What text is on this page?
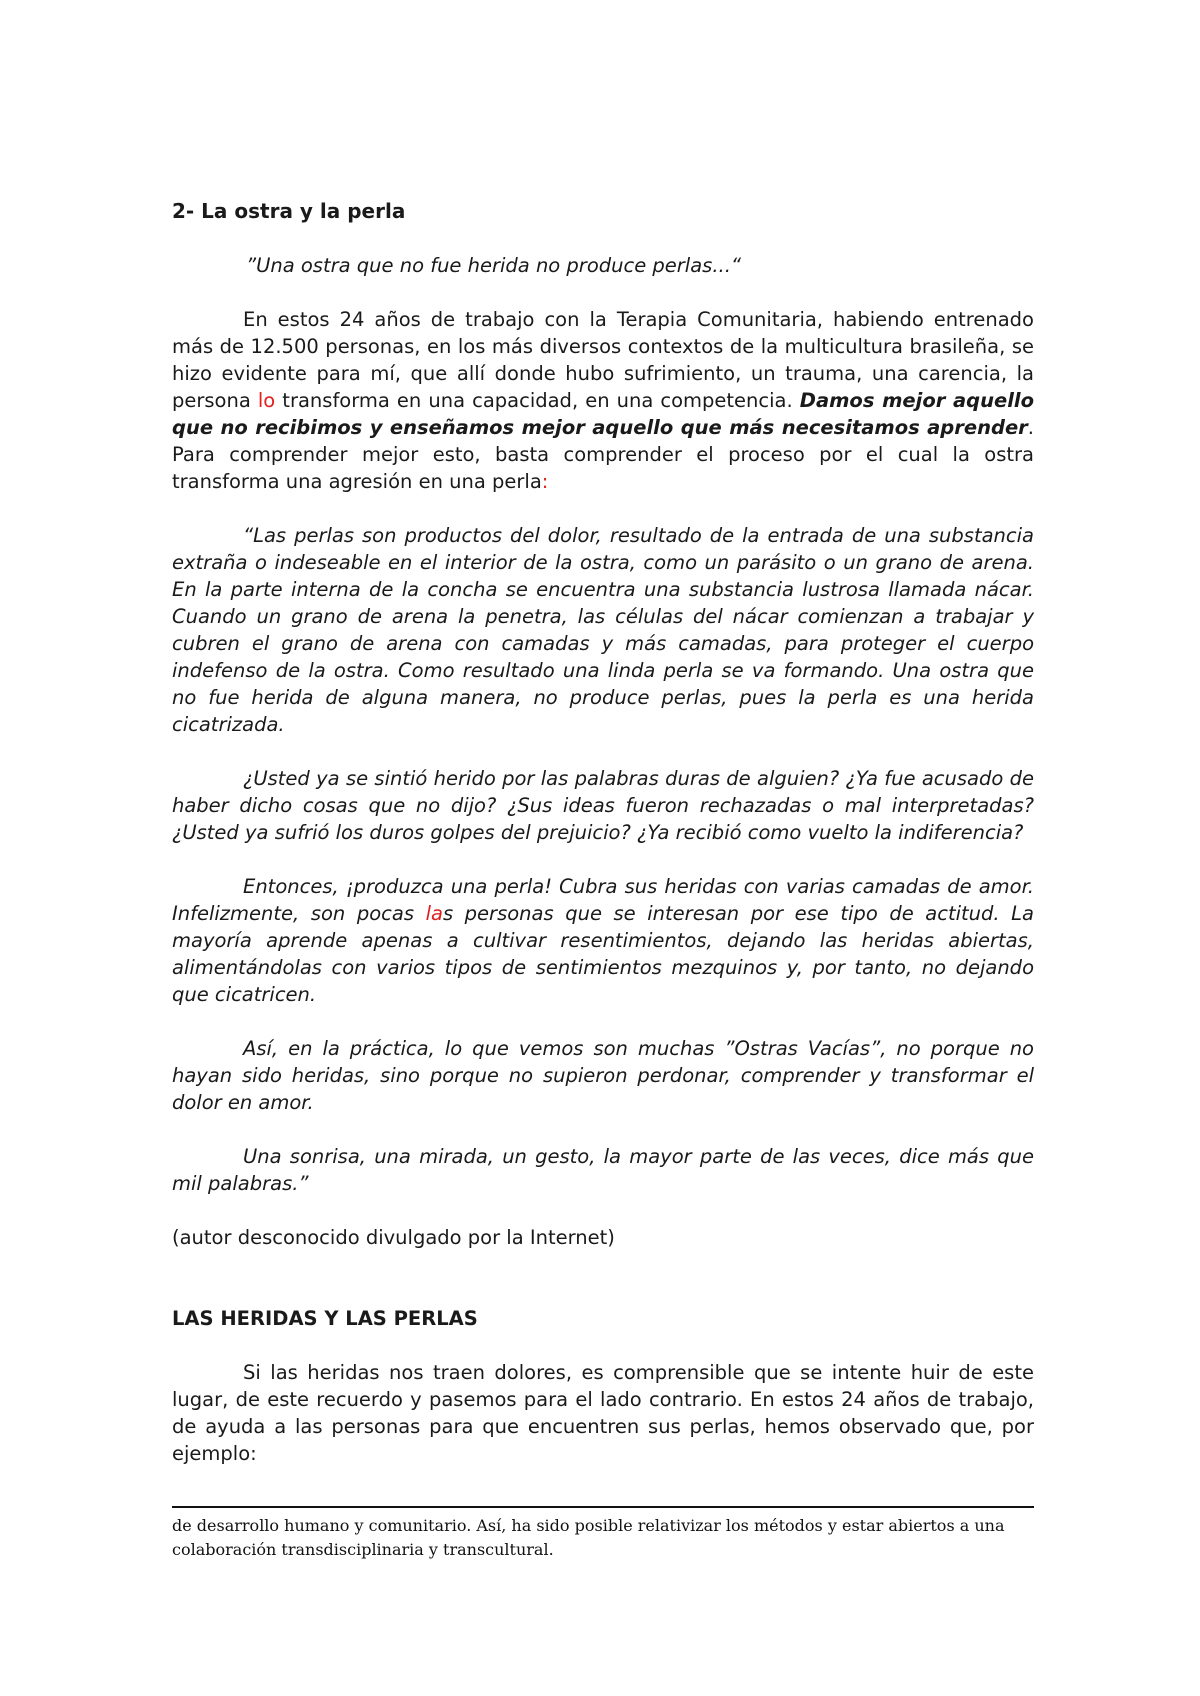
2- La ostra y la perla

”Una ostra que no fue herida no produce perlas...“

En estos 24 años de trabajo con la Terapia Comunitaria, habiendo entrenado más de 12.500 personas, en los más diversos contextos de la multicultura brasileña, se hizo evidente para mí, que allí donde hubo sufrimiento, un trauma, una carencia, la persona lo transforma en una capacidad, en una competencia. Damos mejor aquello que no recibimos y enseñamos mejor aquello que más necesitamos aprender. Para comprender mejor esto, basta comprender el proceso por el cual la ostra transforma una agresión en una perla:

“Las perlas son productos del dolor, resultado de la entrada de una substancia extraña o indeseable en el interior de la ostra, como un parásito o un grano de arena. En la parte interna de la concha se encuentra una substancia lustrosa llamada nácar. Cuando un grano de arena la penetra, las células del nácar comienzan a trabajar y cubren el grano de arena con camadas y más camadas, para proteger el cuerpo indefenso de la ostra. Como resultado una linda perla se va formando. Una ostra que no fue herida de alguna manera, no produce perlas, pues la perla es una herida cicatrizada.

¿Usted ya se sintió herido por las palabras duras de alguien? ¿Ya fue acusado de haber dicho cosas que no dijo? ¿Sus ideas fueron rechazadas o mal interpretadas? ¿Usted ya sufrió los duros golpes del prejuicio? ¿Ya recibió como vuelto la indiferencia?

Entonces, ¡produzca una perla! Cubra sus heridas con varias camadas de amor. Infelizmente, son pocas las personas que se interesan por ese tipo de actitud. La mayoría aprende apenas a cultivar resentimientos, dejando las heridas abiertas, alimentándolas con varios tipos de sentimientos mezquinos y, por tanto, no dejando que cicatricen.

Así, en la práctica, lo que vemos son muchas ”Ostras Vacías”, no porque no hayan sido heridas, sino porque no supieron perdonar, comprender y transformar el dolor en amor.

Una sonrisa, una mirada, un gesto, la mayor parte de las veces, dice más que mil palabras.”

(autor desconocido divulgado por la Internet)

LAS HERIDAS Y LAS PERLAS

Si las heridas nos traen dolores, es comprensible que se intente huir de este lugar, de este recuerdo y pasemos para el lado contrario. En estos 24 años de trabajo, de ayuda a las personas para que encuentren sus perlas, hemos observado que, por ejemplo:

de desarrollo humano y comunitario. Así, ha sido posible relativizar los métodos y estar abiertos a una colaboración transdisciplinaria y transcultural.
